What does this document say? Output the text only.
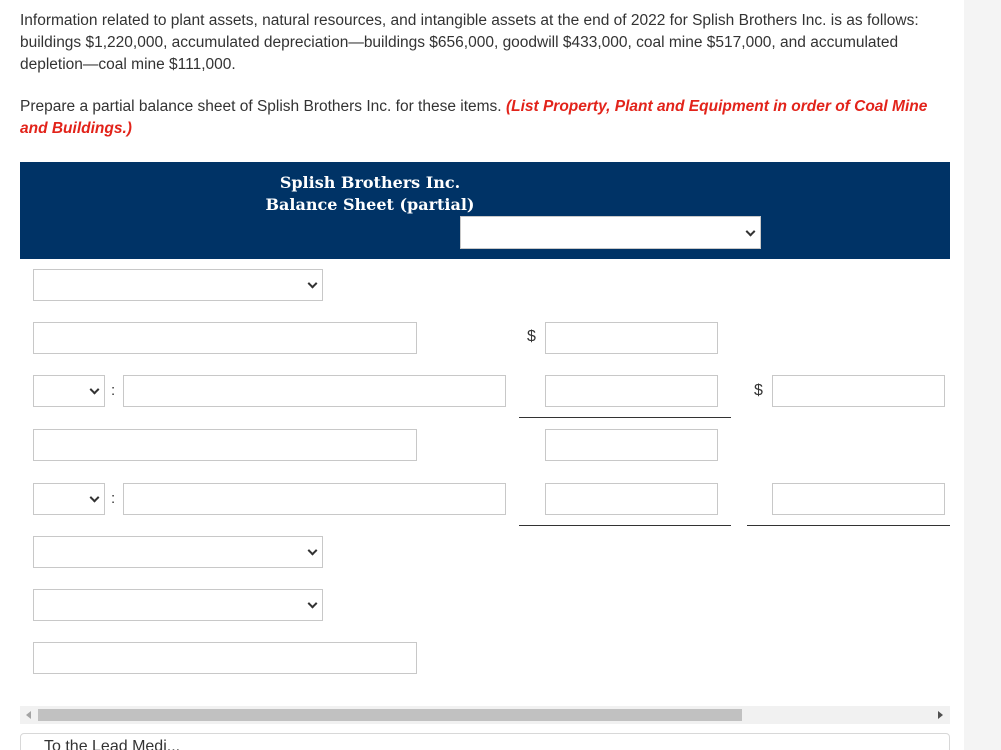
Information related to plant assets, natural resources, and intangible assets at the end of 2022 for Splish Brothers Inc. is as follows: buildings $1,220,000, accumulated depreciation—buildings $656,000, goodwill $433,000, coal mine $517,000, and accumulated depletion—coal mine $111,000.

Prepare a partial balance sheet of Splish Brothers Inc. for these items. (List Property, Plant and Equipment in order of Coal Mine and Buildings.)

Splish Brothers Inc.
Balance Sheet (partial)
$
:	$
:
To the Lead Medi...
